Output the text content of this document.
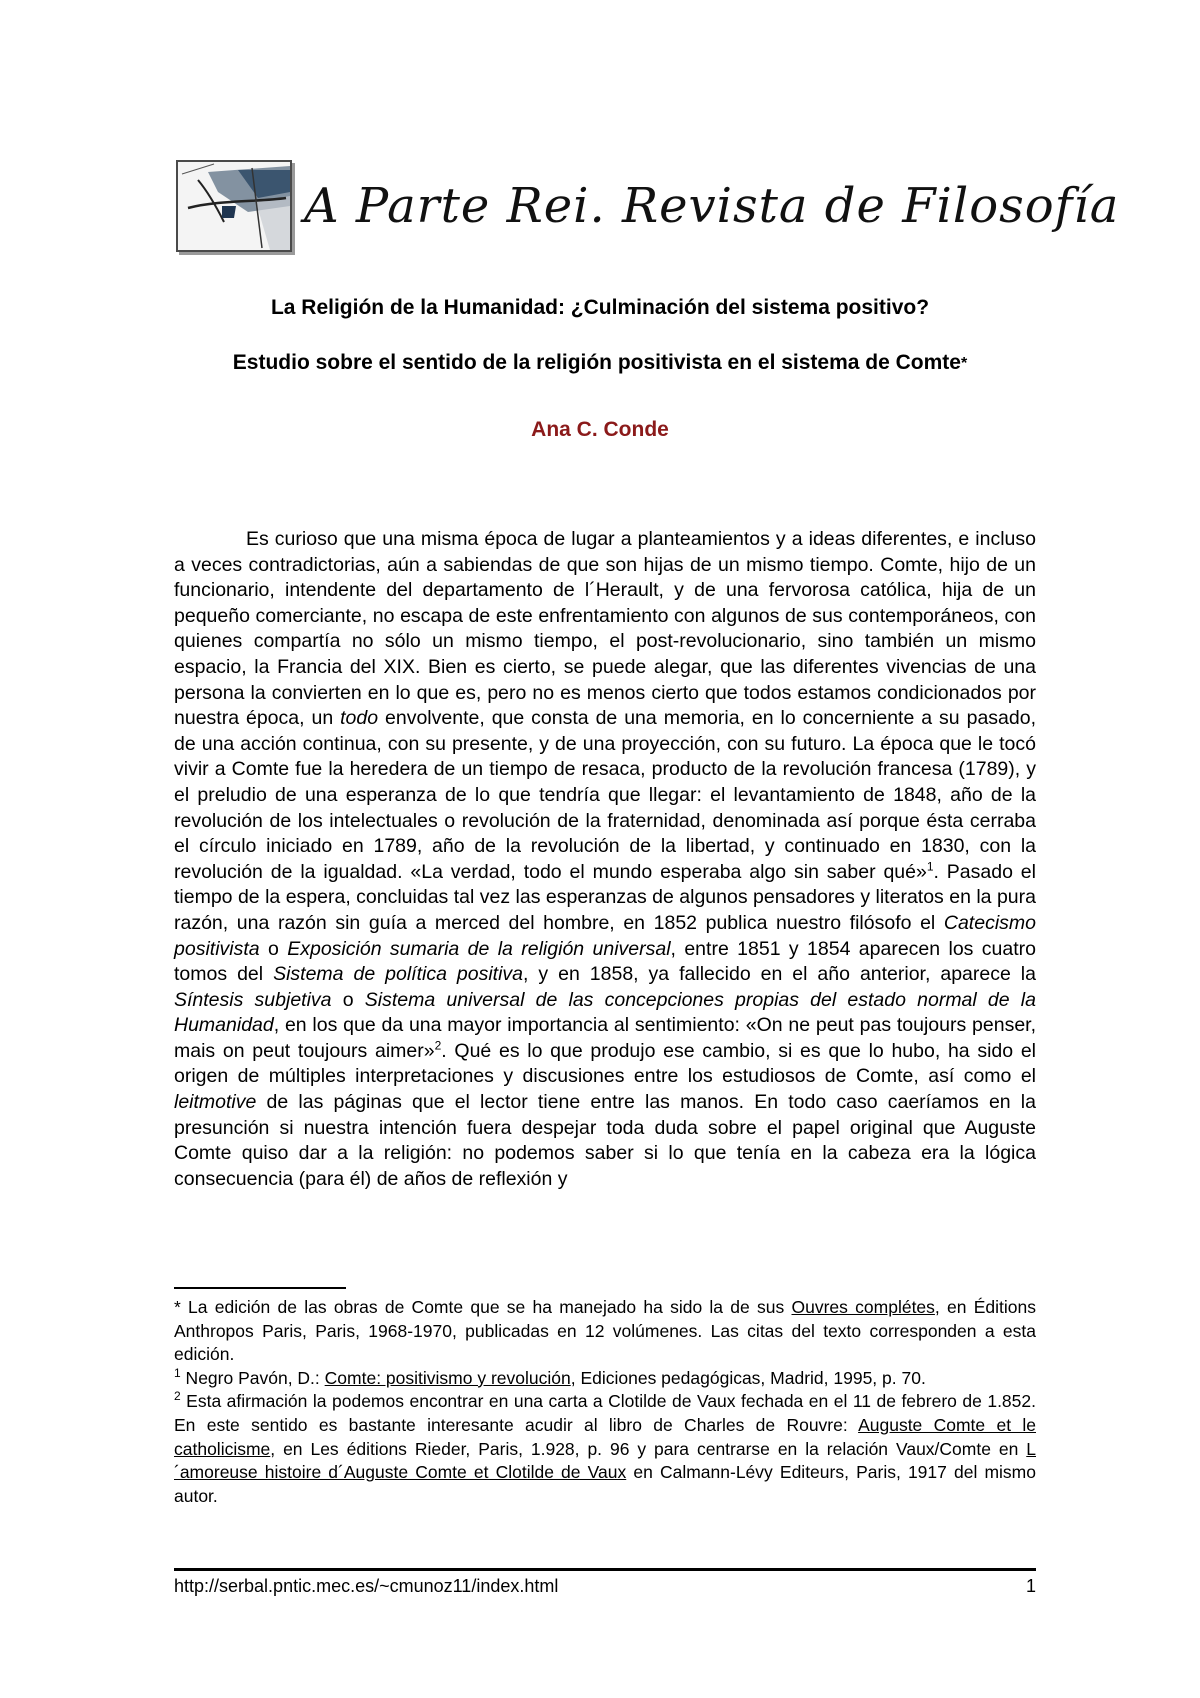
A Parte Rei. Revista de Filosofía
La Religión de la Humanidad: ¿Culminación del sistema positivo?
Estudio sobre el sentido de la religión positivista en el sistema de Comte*
Ana C. Conde

Es curioso que una misma época de lugar a planteamientos y a ideas diferentes, e incluso a veces contradictorias, aún a sabiendas de que son hijas de un mismo tiempo. Comte, hijo de un funcionario, intendente del departamento de l´Herault, y de una fervorosa católica, hija de un pequeño comerciante, no escapa de este enfrentamiento con algunos de sus contemporáneos, con quienes compartía no sólo un mismo tiempo, el post-revolucionario, sino también un mismo espacio, la Francia del XIX. Bien es cierto, se puede alegar, que las diferentes vivencias de una persona la convierten en lo que es, pero no es menos cierto que todos estamos condicionados por nuestra época, un todo envolvente, que consta de una memoria, en lo concerniente a su pasado, de una acción continua, con su presente, y de una proyección, con su futuro. La época que le tocó vivir a Comte fue la heredera de un tiempo de resaca, producto de la revolución francesa (1789), y el preludio de una esperanza de lo que tendría que llegar: el levantamiento de 1848, año de la revolución de los intelectuales o revolución de la fraternidad, denominada así porque ésta cerraba el círculo iniciado en 1789, año de la revolución de la libertad, y continuado en 1830, con la revolución de la igualdad. «La verdad, todo el mundo esperaba algo sin saber qué»$^1$. Pasado el tiempo de la espera, concluidas tal vez las esperanzas de algunos pensadores y literatos en la pura razón, una razón sin guía a merced del hombre, en 1852 publica nuestro filósofo el Catecismo positivista o Exposición sumaria de la religión universal, entre 1851 y 1854 aparecen los cuatro tomos del Sistema de política positiva, y en 1858, ya fallecido en el año anterior, aparece la Síntesis subjetiva o Sistema universal de las concepciones propias del estado normal de la Humanidad, en los que da una mayor importancia al sentimiento: «On ne peut pas toujours penser, mais on peut toujours aimer»$^2$. Qué es lo que produjo ese cambio, si es que lo hubo, ha sido el origen de múltiples interpretaciones y discusiones entre los estudiosos de Comte, así como el leitmotive de las páginas que el lector tiene entre las manos. En todo caso caeríamos en la presunción si nuestra intención fuera despejar toda duda sobre el papel original que Auguste Comte quiso dar a la religión: no podemos saber si lo que tenía en la cabeza era la lógica consecuencia (para él) de años de reflexión y

* La edición de las obras de Comte que se ha manejado ha sido la de sus Ouvres complétes, en Éditions Anthropos Paris, Paris, 1968-1970, publicadas en 12 volúmenes. Las citas del texto corresponden a esta edición.

$^1$ Negro Pavón, D.: Comte: positivismo y revolución, Ediciones pedagógicas, Madrid, 1995, p. 70.

$^2$ Esta afirmación la podemos encontrar en una carta a Clotilde de Vaux fechada en el 11 de febrero de 1.852. En este sentido es bastante interesante acudir al libro de Charles de Rouvre: Auguste Comte et le catholicisme, en Les éditions Rieder, Paris, 1.928, p. 96 y para centrarse en la relación Vaux/Comte en L´amoreuse histoire d´Auguste Comte et Clotilde de Vaux en Calmann-Lévy Editeurs, Paris, 1917 del mismo autor.

http://serbal.pntic.mec.es/~cmunoz11/index.html	1
